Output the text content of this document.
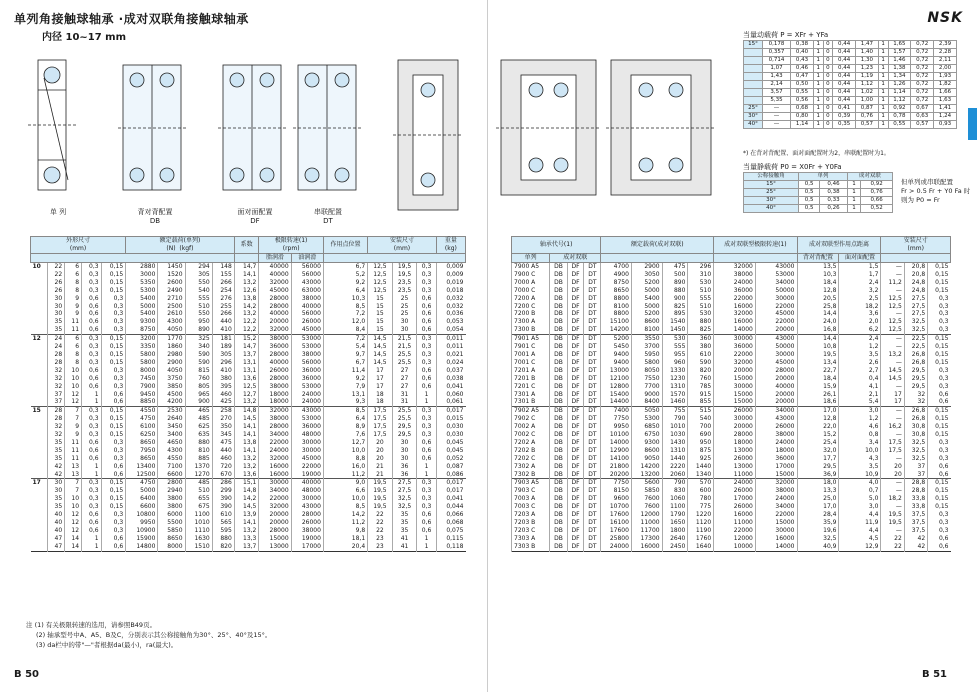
单列角接触球轴承 ·成对双联角接触球轴承
内径 10~17 mm
单 列	背对背配置
DB
面对面配置
DF
串联配置
DT
外形尺寸
(mm)					额定载荷(单列)
(N) (kgf)				系数	极限转速(1)
(rpm)		作用点位置	安装尺寸
(mm)			重量
(kg)
										脂润滑	油润滑					
10	22	6	0,3	0,15	2880	1450	294	148	14,7	40000	56000	6,7	12,5	19,5	0,3	0,009
	22	6	0,3	0,15	3000	1520	305	155	14,1	40000	56000	5,2	12,5	19,5	0,3	0,009
	26	8	0,3	0,15	5350	2600	550	266	13,2	32000	43000	9,2	12,5	23,5	0,3	0,019
	26	8	0,3	0,15	5300	2490	540	254	12,6	45000	63000	6,4	12,5	23,5	0,3	0,018
	30	9	0,6	0,3	5400	2710	555	276	13,8	28000	38000	10,3	15	25	0,6	0,032
	30	9	0,6	0,3	5000	2500	510	255	14,2	28000	40000	8,5	15	25	0,6	0,032
	30	9	0,6	0,3	5400	2610	550	266	13,2	40000	56000	7,2	15	25	0,6	0,036
	35	11	0,6	0,3	9300	4300	950	440	12,2	20000	26000	12,0	15	30	0,6	0,053
	35	11	0,6	0,3	8750	4050	890	410	12,2	32000	45000	8,4	15	30	0,6	0,054
12	24	6	0,3	0,15	3200	1770	325	181	15,2	38000	53000	7,2	14,5	21,5	0,3	0,011
	24	6	0,3	0,15	3350	1860	340	189	14,7	36000	53000	5,4	14,5	21,5	0,3	0,011
	28	8	0,3	0,15	5800	2980	590	305	13,7	28000	38000	9,7	14,5	25,5	0,3	0,021
	28	8	0,3	0,15	5800	2900	590	296	13,1	40000	56000	6,7	14,5	25,5	0,3	0,024
	32	10	0,6	0,3	8000	4050	815	410	13,1	26000	36000	11,4	17	27	0,6	0,037
	32	10	0,6	0,3	7450	3750	760	380	13,6	28000	36000	9,2	17	27	0,6	0,038
	32	10	0,6	0,3	7900	3850	805	395	12,5	38000	53000	7,9	17	27	0,6	0,041
	37	12	1	0,6	9450	4500	965	460	12,7	18000	24000	13,1	18	31	1	0,060
	37	12	1	0,6	8850	4200	900	425	13,2	18000	24000	9,3	18	31	1	0,061
15	28	7	0,3	0,15	4550	2530	465	258	14,8	32000	43000	8,5	17,5	25,5	0,3	0,017
	28	7	0,3	0,15	4750	2640	485	270	14,5	38000	53000	6,4	17,5	25,5	0,3	0,015
	32	9	0,3	0,15	6100	3450	625	350	14,1	28000	36000	8,9	17,5	29,5	0,3	0,030
	32	9	0,3	0,15	6250	3400	635	345	14,1	34000	48000	7,6	17,5	29,5	0,3	0,030
	35	11	0,6	0,3	8650	4650	880	475	13,8	22000	30000	12,7	20	30	0,6	0,045
	35	11	0,6	0,3	7950	4300	810	440	14,1	24000	30000	10,0	20	30	0,6	0,045
	35	11	0,6	0,3	8650	4550	885	460	13,2	32000	45000	8,8	20	30	0,6	0,052
	42	13	1	0,6	13400	7100	1370	720	13,2	16000	22000	16,0	21	36	1	0,087
	42	13	1	0,6	12500	6600	1270	670	13,6	16000	19000	11,2	21	36	1	0,086
17	30	7	0,3	0,15	4750	2800	485	286	15,1	30000	40000	9,0	19,5	27,5	0,3	0,017
	30	7	0,3	0,15	5000	2940	510	299	14,8	34000	48000	6,6	19,5	27,5	0,3	0,017
	35	10	0,3	0,15	6400	3800	655	390	14,2	22000	30000	10,0	19,5	32,5	0,3	0,041
	35	10	0,3	0,15	6600	3800	675	390	14,5	32000	43000	8,5	19,5	32,5	0,3	0,044
	40	12	0,6	0,3	10800	6000	1100	610	13,9	20000	28000	14,2	22	35	0,6	0,066
	40	12	0,6	0,3	9950	5500	1010	565	14,1	20000	26000	11,2	22	35	0,6	0,068
	40	12	0,6	0,3	10900	5850	1110	595	13,2	28000	38000	9,8	22	35	0,6	0,075
	47	14	1	0,6	15900	8650	1630	880	13,3	15000	19000	18,1	23	41	1	0,115
	47	14	1	0,6	14800	8000	1510	820	13,7	13000	17000	20,4	23	41	1	0,118
注 (1) 有关极限转速的选用，请参照B49页。
(2) 轴承型号中A、A5、B及C，分别表示其公称接触角为30°、25°、40°及15°。
(3) da栏中的带"—"者根据da(最小)，ra(最大)。
B 50
NSK
当量动载荷 P = XFr + YFa
15°	0,178	0,38	1	0	0,44	1,47	1	1,65	0,72	2,39
	0,357	0,40	1	0	0,44	1,40	1	1,57	0,72	2,28
	0,714	0,43	1	0	0,44	1,30	1	1,46	0,72	2,11
	1,07	0,46	1	0	0,44	1,23	1	1,38	0,72	2,00
	1,43	0,47	1	0	0,44	1,19	1	1,34	0,72	1,93
	2,14	0,50	1	0	0,44	1,12	1	1,26	0,72	1,82
	3,57	0,55	1	0	0,44	1,02	1	1,14	0,72	1,66
	5,35	0,56	1	0	0,44	1,00	1	1,12	0,72	1,63
25°	—	0,68	1	0	0,41	0,87	1	0,92	0,67	1,41
30°	—	0,80	1	0	0,39	0,76	1	0,78	0,63	1,24
40°	—	1,14	1	0	0,35	0,57	1	0,55	0,57	0,93
*) 在背对背配置、面对面配置时为2，串联配置时为1。
当量静载荷 P0 = X0Fr + Y0Fa
公称接触角	单列		成对双联	
15°	0,5	0,46	1	0,92
25°	0,5	0,38	1	0,76
30°	0,5	0,33	1	0,66
40°	0,5	0,26	1	0,52
但单列或串联配置
Fr > 0.5 Fr + Y0 Fa 时
则为 P0 = Fr
轴承代号(1)				额定载荷(成对双联)				成对双联型极限转速(1)		成对双联型作用点距离		安装尺寸
(mm)		
单列	成对双联									背对背配置	面对面配置			
7900 A5	DB	DF	DT	4700	2900	475	296	32000	43000	13,5	1,5	—	20,8	0,15
7900 C	DB	DF	DT	4900	3050	500	310	38000	53000	10,3	1,7	—	20,8	0,15
7000 A	DB	DF	DT	8750	5200	890	530	24000	34000	18,4	2,4	11,2	24,8	0,15
7000 C	DB	DF	DT	8650	5000	880	510	36000	50000	12,8	3,2	—	24,8	0,15
7200 A	DB	DF	DT	8800	5400	900	555	22000	30000	20,5	2,5	12,5	27,5	0,3
7200 C	DB	DF	DT	8100	5000	825	510	16000	22000	25,8	18,2	12,5	27,5	0,3
7200 B	DB	DF	DT	8800	5200	895	530	32000	45000	14,4	3,6	—	27,5	0,3
7300 A	DB	DF	DT	15100	8600	1540	880	16000	22000	24,0	2,0	12,5	32,5	0,3
7300 B	DB	DF	DT	14200	8100	1450	825	14000	20000	16,8	6,2	12,5	32,5	0,3
7901 A5	DB	DF	DT	5200	3550	530	360	30000	43000	14,4	2,4	—	22,5	0,15
7901 C	DB	DF	DT	5450	3700	555	380	36000	50000	10,8	1,2	—	22,5	0,15
7001 A	DB	DF	DT	9400	5950	955	610	22000	30000	19,5	3,5	13,2	26,8	0,15
7001 C	DB	DF	DT	9400	5800	960	590	32000	45000	13,4	2,6	—	26,8	0,15
7201 A	DB	DF	DT	13000	8050	1330	820	20000	28000	22,7	2,7	14,5	29,5	0,3
7201 B	DB	DF	DT	12100	7550	1230	760	15000	20000	18,4	0,4	14,5	29,5	0,3
7201 C	DB	DF	DT	12800	7700	1310	785	30000	40000	15,9	4,1	—	29,5	0,3
7301 A	DB	DF	DT	15400	9000	1570	915	15000	20000	26,1	2,1	17	32	0,6
7301 B	DB	DF	DT	14400	8400	1460	855	15000	20000	18,6	5,4	17	32	0,6
7902 A5	DB	DF	DT	7400	5050	755	515	26000	34000	17,0	3,0	—	26,8	0,15
7902 C	DB	DF	DT	7750	5300	790	540	30000	43000	12,8	1,2	—	26,8	0,15
7002 A	DB	DF	DT	9950	6850	1010	700	20000	26000	22,0	4,6	16,2	30,8	0,15
7002 C	DB	DF	DT	10100	6750	1030	690	28000	38000	15,2	0,8	—	30,8	0,15
7202 A	DB	DF	DT	14000	9300	1430	950	18000	24000	25,4	3,4	17,5	32,5	0,3
7202 B	DB	DF	DT	12900	8600	1310	875	13000	18000	32,0	10,0	17,5	32,5	0,3
7202 C	DB	DF	DT	14100	9050	1440	925	26000	36000	17,7	4,3	—	32,5	0,3
7302 A	DB	DF	DT	21800	14200	2220	1440	13000	17000	29,5	3,5	20	37	0,6
7302 B	DB	DF	DT	20200	13200	2060	1340	11000	15000	36,9	10,9	20	37	0,6
7903 A5	DB	DF	DT	7750	5600	790	570	24000	32000	18,0	4,0	—	28,8	0,15
7903 C	DB	DF	DT	8150	5850	830	600	26000	38000	13,3	0,7	—	28,8	0,15
7003 A	DB	DF	DT	9600	7600	1060	780	17000	24000	25,0	5,0	18,2	33,8	0,15
7003 C	DB	DF	DT	10700	7600	1100	775	26000	34000	17,0	3,0	—	33,8	0,15
7203 A	DB	DF	DT	17600	12000	1790	1220	16000	22000	28,4	4,4	19,5	37,5	0,3
7203 B	DB	DF	DT	16100	11000	1650	1120	11000	15000	35,9	11,9	19,5	37,5	0,3
7203 C	DB	DF	DT	17600	11700	1800	1190	22000	30000	19,6	4,4	—	37,5	0,3
7303 A	DB	DF	DT	25800	17300	2640	1760	12000	16000	32,5	4,5	22	42	0,6
7303 B	DB	DF	DT	24000	16000	2450	1640	10000	14000	40,9	12,9	22	42	0,6
B 51
